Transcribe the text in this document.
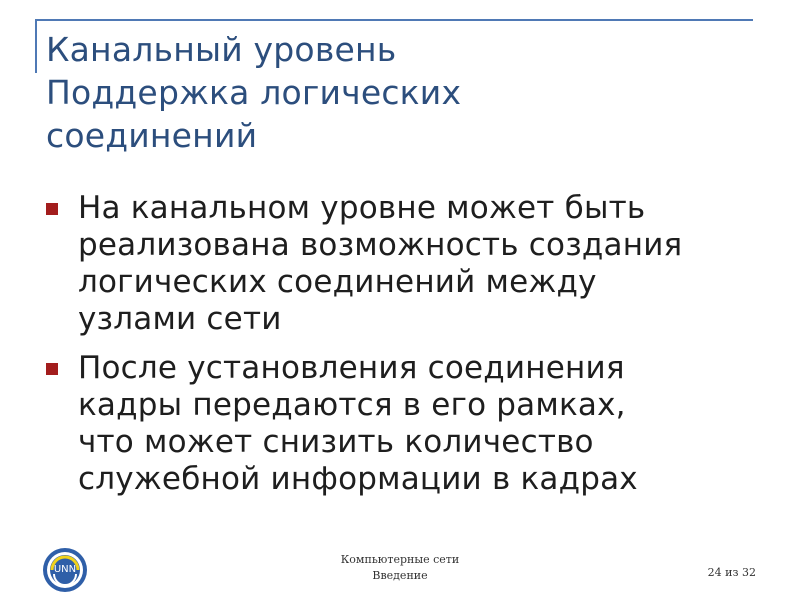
Канальный уровень
Поддержка логических
соединений
На канальном уровне может быть
реализована возможность создания
логических соединений между
узлами сети
После установления соединения
кадры передаются в его рамках,
что может снизить количество
служебной информации в кадрах
UNN
Компьютерные сети
Введение	24 из 32
